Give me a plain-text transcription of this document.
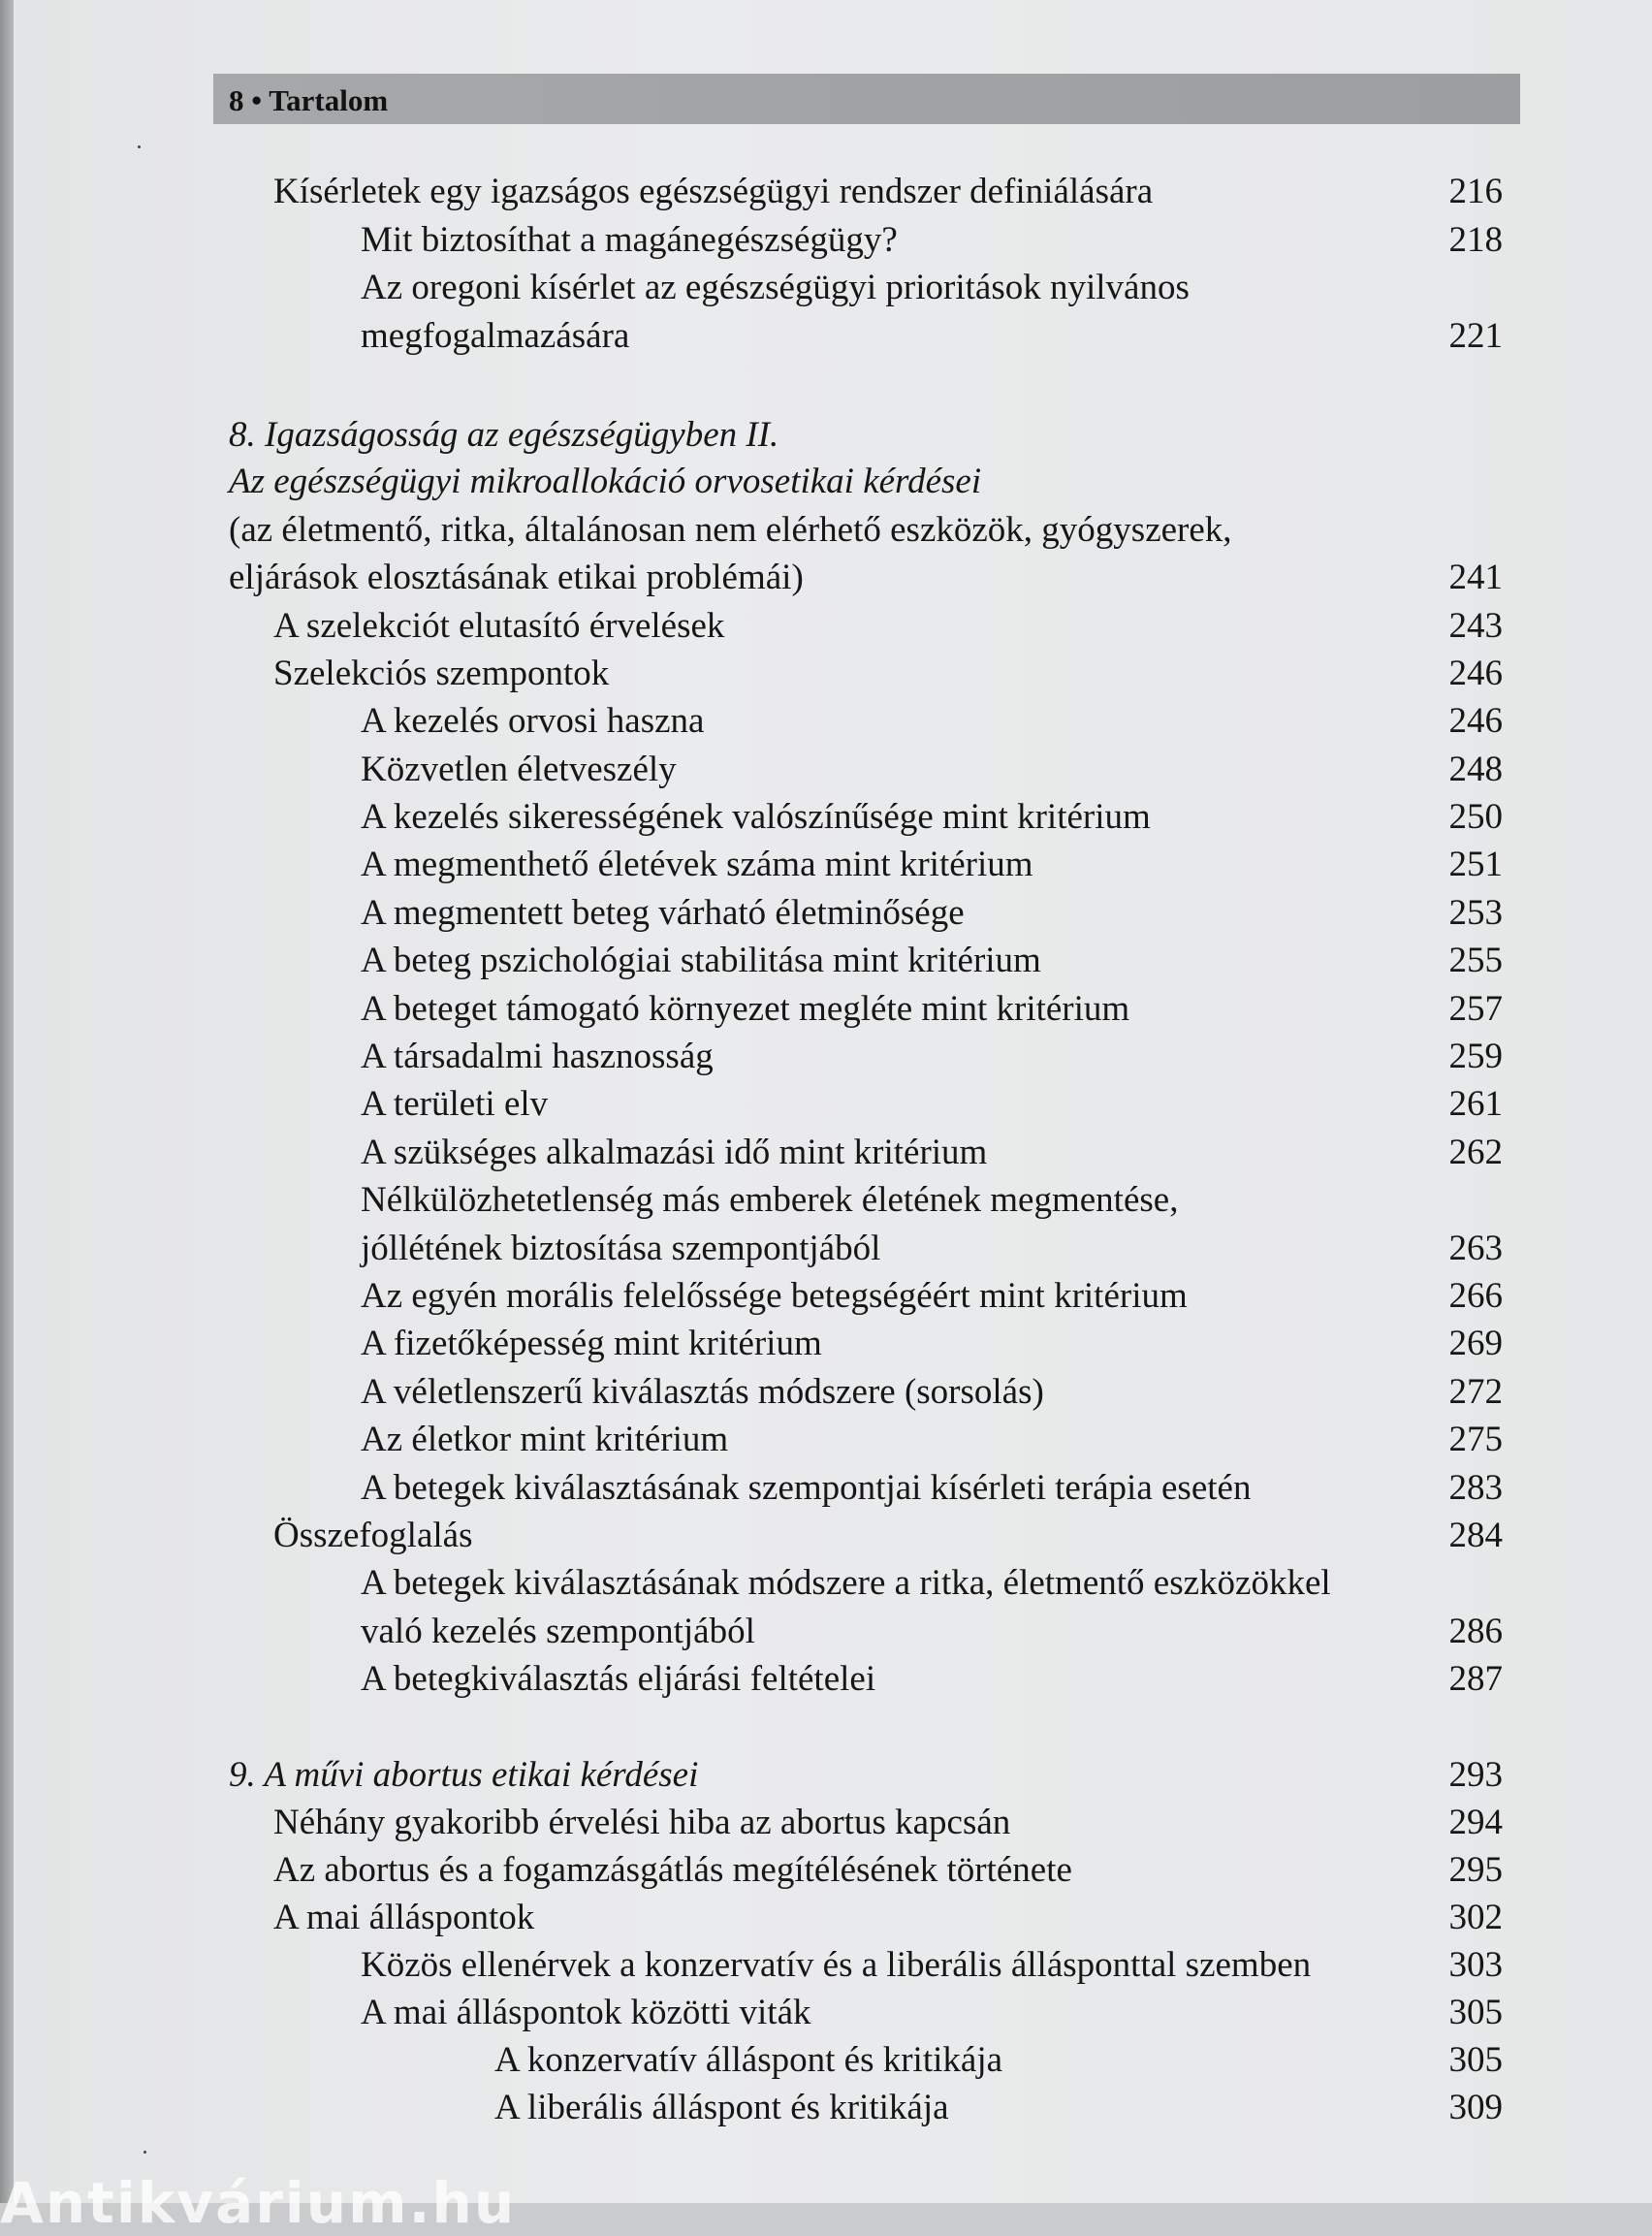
8 • Tartalom
Kísérletek egy igazságos egészségügyi rendszer definiálására	216
Mit biztosíthat a magánegészségügy?	218
Az oregoni kísérlet az egészségügyi prioritások nyilvános
megfogalmazására	221
8. Igazságosság az egészségügyben II.
Az egészségügyi mikroallokáció orvosetikai kérdései
(az életmentő, ritka, általánosan nem elérhető eszközök, gyógyszerek,
eljárások elosztásának etikai problémái)	241
A szelekciót elutasító érvelések	243
Szelekciós szempontok	246
A kezelés orvosi haszna	246
Közvetlen életveszély	248
A kezelés sikerességének valószínűsége mint kritérium	250
A megmenthető életévek száma mint kritérium	251
A megmentett beteg várható életminősége	253
A beteg pszichológiai stabilitása mint kritérium	255
A beteget támogató környezet megléte mint kritérium	257
A társadalmi hasznosság	259
A területi elv	261
A szükséges alkalmazási idő mint kritérium	262
Nélkülözhetetlenség más emberek életének megmentése,
jóllétének biztosítása szempontjából	263
Az egyén morális felelőssége betegségéért mint kritérium	266
A fizetőképesség mint kritérium	269
A véletlenszerű kiválasztás módszere (sorsolás)	272
Az életkor mint kritérium	275
A betegek kiválasztásának szempontjai kísérleti terápia esetén	283
Összefoglalás	284
A betegek kiválasztásának módszere a ritka, életmentő eszközökkel
való kezelés szempontjából	286
A betegkiválasztás eljárási feltételei	287
9. A művi abortus etikai kérdései	293
Néhány gyakoribb érvelési hiba az abortus kapcsán	294
Az abortus és a fogamzásgátlás megítélésének története	295
A mai álláspontok	302
Közös ellenérvek a konzervatív és a liberális állásponttal szemben	303
A mai álláspontok közötti viták	305
A konzervatív álláspont és kritikája	305
A liberális álláspont és kritikája	309
Antikvárium.hu
